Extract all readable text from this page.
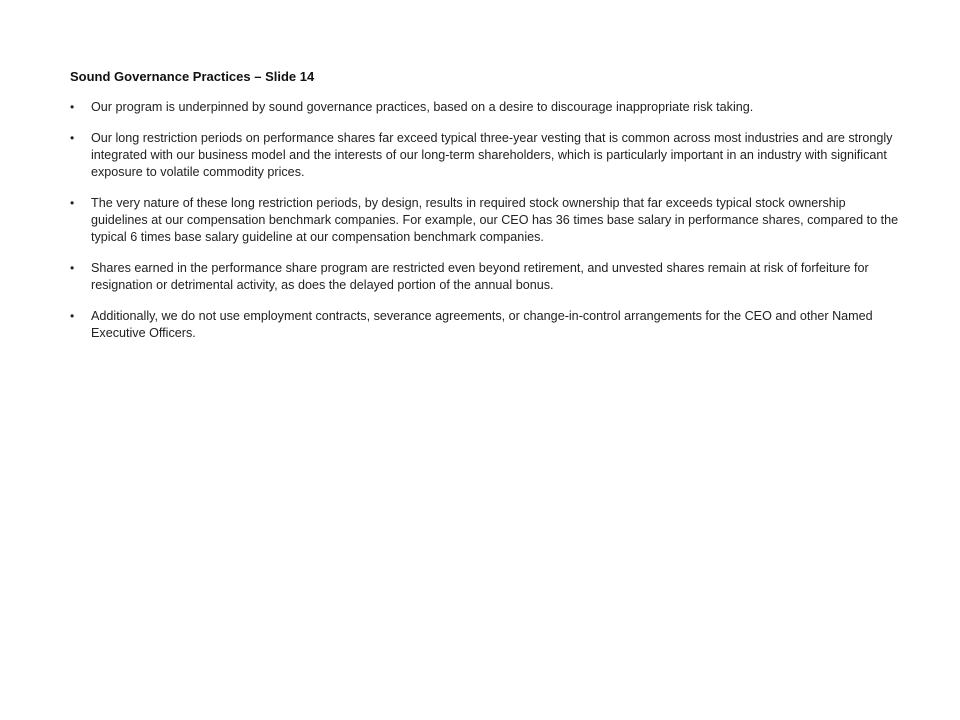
Sound Governance Practices – Slide 14
• Our program is underpinned by sound governance practices, based on a desire to discourage inappropriate risk taking.
• Our long restriction periods on performance shares far exceed typical three-year vesting that is common across most industries and are strongly integrated with our business model and the interests of our long-term shareholders, which is particularly important in an industry with significant exposure to volatile commodity prices.
• The very nature of these long restriction periods, by design, results in required stock ownership that far exceeds typical stock ownership guidelines at our compensation benchmark companies. For example, our CEO has 36 times base salary in performance shares, compared to the typical 6 times base salary guideline at our compensation benchmark companies.
• Shares earned in the performance share program are restricted even beyond retirement, and unvested shares remain at risk of forfeiture for resignation or detrimental activity, as does the delayed portion of the annual bonus.
• Additionally, we do not use employment contracts, severance agreements, or change-in-control arrangements for the CEO and other Named Executive Officers.
